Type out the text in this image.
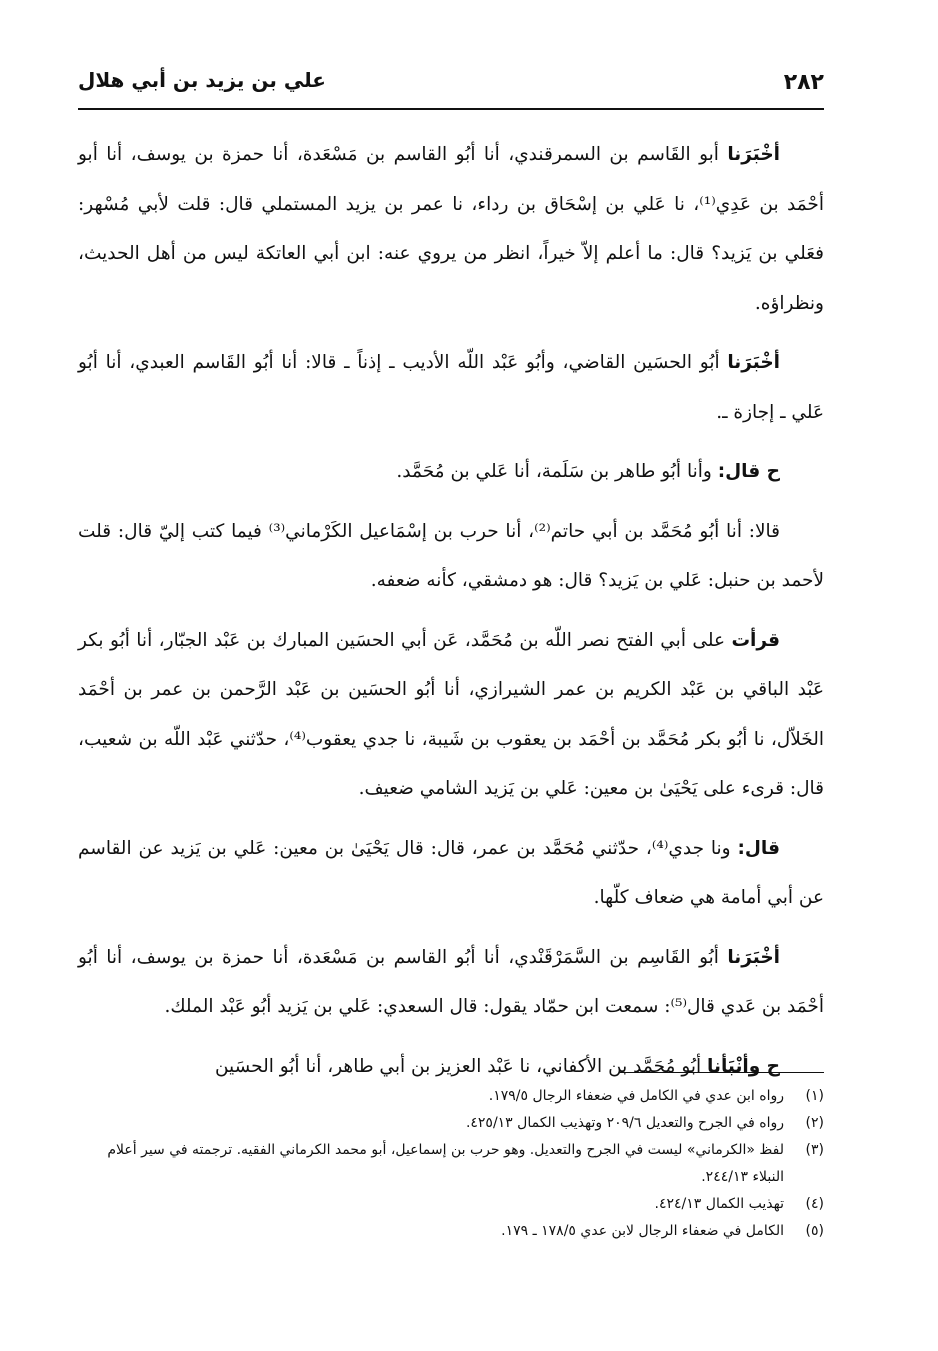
٢٨٢
علي بن يزيد بن أبي هلال

أخْبَرَنا أبو القَاسم بن السمرقندي، أنا أبُو القاسم بن مَسْعَدة، أنا حمزة بن يوسف، أنا أبو أحْمَد بن عَدِي⁽¹⁾، نا عَلي بن إسْحَاق بن رداء، نا عمر بن يزيد المستملي قال: قلت لأبي مُسْهر: فعَلي بن يَزيد؟ قال: ما أعلم إلاّ خيراً، انظر من يروي عنه: ابن أبي العاتكة ليس من أهل الحديث، ونظراؤه.

أخْبَرَنا أبُو الحسَين القاضي، وأبُو عَبْد اللّه الأديب ـ إذناً ـ قالا: أنا أبُو القَاسم العبدي، أنا أبُو عَلي ـ إجازة ـ.

ح قال: وأنا أبُو طاهر بن سَلَمة، أنا عَلي بن مُحَمَّد.

قالا: أنا أبُو مُحَمَّد بن أبي حاتم⁽²⁾، أنا حرب بن إسْمَاعيل الكَرْماني⁽³⁾ فيما كتب إليّ قال: قلت لأحمد بن حنبل: عَلي بن يَزيد؟ قال: هو دمشقي، كأنه ضعفه.

قرأت على أبي الفتح نصر اللّه بن مُحَمَّد، عَن أبي الحسَين المبارك بن عَبْد الجبّار، أنا أبُو بكر عَبْد الباقي بن عَبْد الكريم بن عمر الشيرازي، أنا أبُو الحسَين بن عَبْد الرَّحمن بن عمر بن أحْمَد الخَلاّل، نا أبُو بكر مُحَمَّد بن أحْمَد بن يعقوب بن شَيبة، نا جدي يعقوب⁽⁴⁾، حدّثني عَبْد اللّه بن شعيب، قال: قرىء على يَحْيَىٰ بن معين: عَلي بن يَزيد الشامي ضعيف.

قال: ونا جدي⁽⁴⁾، حدّثني مُحَمَّد بن عمر، قال: قال يَحْيَىٰ بن معين: عَلي بن يَزيد عن القاسم عن أبي أمامة هي ضعاف كلّها.

أخْبَرَنا أبُو القَاسِم بن السَّمَرْقَنْدي، أنا أبُو القاسم بن مَسْعَدة، أنا حمزة بن يوسف، أنا أبُو أحْمَد بن عَدي قال⁽⁵⁾: سمعت ابن حمّاد يقول: قال السعدي: عَلي بن يَزيد أبُو عَبْد الملك.

ح وأنْبَأنا أبُو مُحَمَّد بن الأكفاني، نا عَبْد العزيز بن أبي طاهر، أنا أبُو الحسَين

(١)
رواه ابن عدي في الكامل في ضعفاء الرجال ١٧٩/٥.
(٢)
رواه في الجرح والتعديل ٢٠٩/٦ وتهذيب الكمال ٤٢٥/١٣.
(٣)
لفظ «الكرماني» ليست في الجرح والتعديل. وهو حرب بن إسماعيل، أبو محمد الكرماني الفقيه. ترجمته في سير أعلام النبلاء ٢٤٤/١٣.
(٤)
تهذيب الكمال ٤٢٤/١٣.
(٥)
الكامل في ضعفاء الرجال لابن عدي ١٧٨/٥ ـ ١٧٩.
